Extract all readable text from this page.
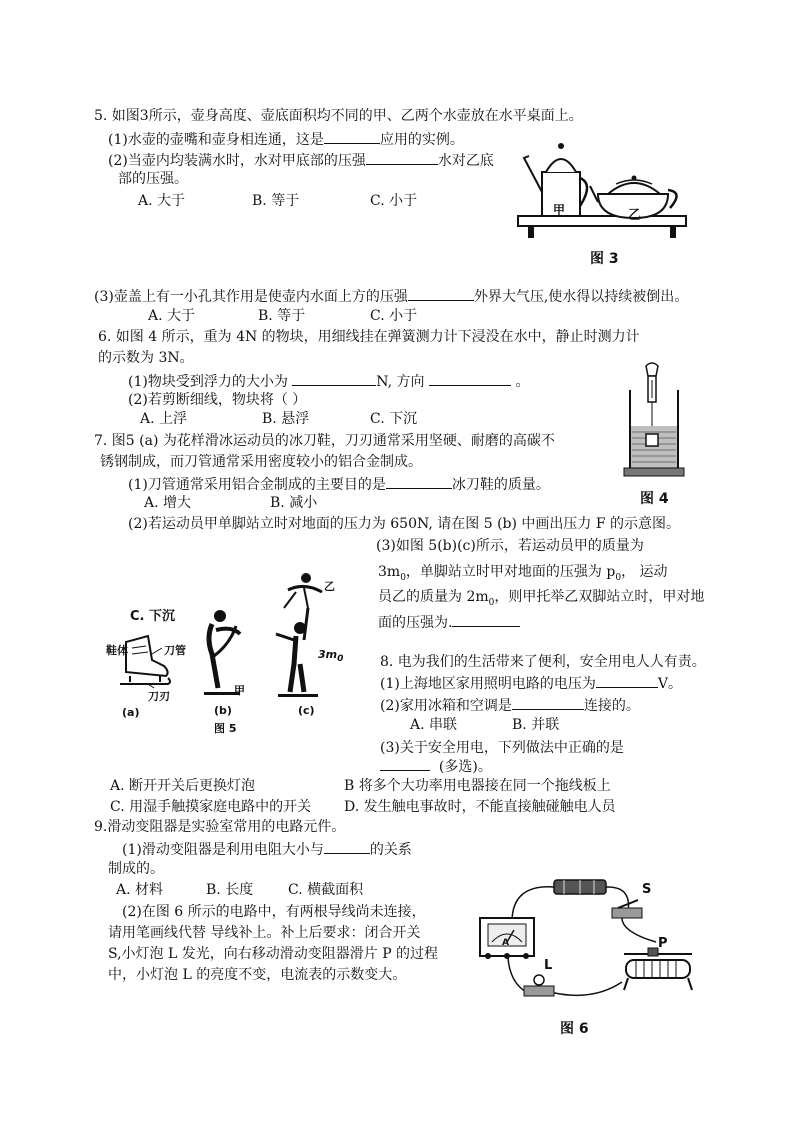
5. 如图3所示，壶身高度、壶底面积均不同的甲、乙两个水壶放在水平桌面上。
(1)水壶的壶嘴和壶身相连通，这是	应用的实例。
(2)当壶内均装满水时，水对甲底部的压强	水对乙底
部的压强。
A. 大于	B. 等于	C. 小于
甲	乙
图 3
(3)壶盖上有一小孔其作用是使壶内水面上方的压强	外界大气压,使水得以持续被倒出。
A. 大于	B. 等于	C. 小于
6. 如图 4 所示，重为 4N 的物块，用细线挂在弹簧测力计下浸没在水中，静止时测力计
的示数为 3N。
(1)物块受到浮力的大小为	N, 方向	。
(2)若剪断细线，物块将（ ）
A. 上浮	B. 悬浮	C. 下沉
图 4
7. 图5 (a) 为花样滑冰运动员的冰刀鞋，刀刃通常采用坚硬、耐磨的高碳不
锈钢制成，而刀管通常采用密度较小的铝合金制成。
(1)刀管通常采用铝合金制成的主要目的是	冰刀鞋的质量。
A. 增大	B. 减小
(2)若运动员甲单脚站立时对地面的压力为 650N, 请在图 5 (b) 中画出压力 F 的示意图。
(3)如图 5(b)(c)所示，若运动员甲的质量为
$3m_0$，单脚站立时甲对地面的压强为 $p_0$， 运动
员乙的质量为 $2m_0$，则甲托举乙双脚站立时，甲对地
面的压强为.
C. 下沉
鞋体	刀管
刀刃	甲
乙
$3m_0$
(a)	(b)	(c)
图 5
8. 电为我们的生活带来了便利，安全用电人人有责。
(1)上海地区家用照明电路的电压为	V。
(2)家用冰箱和空调是	连接的。
A. 串联	B. 并联
(3)关于安全用电，下列做法中正确的是
(多选)。
A. 断开开关后更换灯泡	B 将多个大功率用电器接在同一个拖线板上
C. 用湿手触摸家庭电路中的开关 D. 发生触电事故时，不能直接触碰触电人员
9.滑动变阻器是实验室常用的电路元件。
(1)滑动变阻器是利用电阻大小与	的关系
制成的。
A. 材料	B. 长度 C. 横截面积
(2)在图 6 所示的电路中，有两根导线尚未连接，
请用笔画线代替 导线补上。补上后要求：闭合开关
S,小灯泡 L 发光，向右移动滑动变阻器滑片 P 的过程
中，小灯泡 L 的亮度不变，电流表的示数变大。
S
P
L
A
图 6
